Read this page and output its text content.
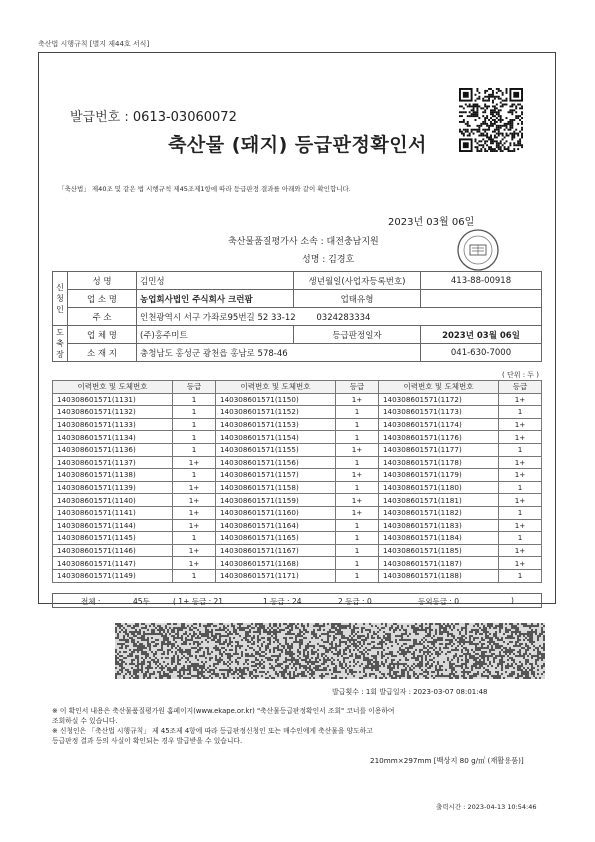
축산법 시행규칙 [별지 제44호 서식]
발급번호 : 0613-03060072
축산물 (돼지) 등급판정확인서
「축산법」 제40조 및 같은 법 시행규칙 제45조제1항에 따라 등급판정 결과를 아래와 같이 확인합니다.
2023년 03월 06일
축산물품질평가사 소속 : 대전충남지원
성명 : 김경호
신청인	성 명	김민성	생년월일(사업자등록번호)	413-88-00918
	업 소 명	농업회사법인 주식회사 크런팜	업태유형	
	주 소	인천광역시 서구 가좌로95번길 52 33-12 0324283334		
도축장	업 체 명	(주)홍주미트	등급판정일자	2023년 03월 06일
	소 재 지	충청남도 홍성군 광천읍 홍남로 578-46		041-630-7000
( 단위 : 두 )
이력번호 및 도체번호	등급	이력번호 및 도체번호	등급	이력번호 및 도체번호	등급
140308601571(1131)	1	140308601571(1150)	1+	140308601571(1172)	1+
140308601571(1132)	1	140308601571(1152)	1	140308601571(1173)	1
140308601571(1133)	1	140308601571(1153)	1	140308601571(1174)	1+
140308601571(1134)	1	140308601571(1154)	1	140308601571(1176)	1+
140308601571(1136)	1	140308601571(1155)	1+	140308601571(1177)	1
140308601571(1137)	1+	140308601571(1156)	1	140308601571(1178)	1+
140308601571(1138)	1	140308601571(1157)	1+	140308601571(1179)	1+
140308601571(1139)	1+	140308601571(1158)	1	140308601571(1180)	1
140308601571(1140)	1+	140308601571(1159)	1+	140308601571(1181)	1+
140308601571(1141)	1+	140308601571(1160)	1+	140308601571(1182)	1
140308601571(1144)	1+	140308601571(1164)	1	140308601571(1183)	1+
140308601571(1145)	1	140308601571(1165)	1	140308601571(1184)	1
140308601571(1146)	1+	140308601571(1167)	1	140308601571(1185)	1+
140308601571(1147)	1+	140308601571(1168)	1	140308601571(1187)	1+
140308601571(1149)	1	140308601571(1171)	1	140308601571(1188)	1
전체 :	45두	( 1+ 등급 : 21	1 등급 : 24	2 등급 : 0	등외등급 : 0	)
발급횟수 : 1회 발급일자 : 2023-03-07 08:01:48
※ 이 확인서 내용은 축산물품질평가원 홈페이지(www.ekape.or.kr) "축산물등급판정확인서 조회" 코너를 이용하여
조회하실 수 있습니다.
※ 신청인은 「축산법 시행규칙」 제 45조제 4항에 따라 등급판정신청인 또는 매수인에게 축산물을 양도하고
등급판정 결과 등의 사실이 확인되는 경우 발급받을 수 있습니다.
210mm×297mm [백상지 80 g/㎡ (재활용품)]
출력시간 : 2023-04-13 10:54:46
